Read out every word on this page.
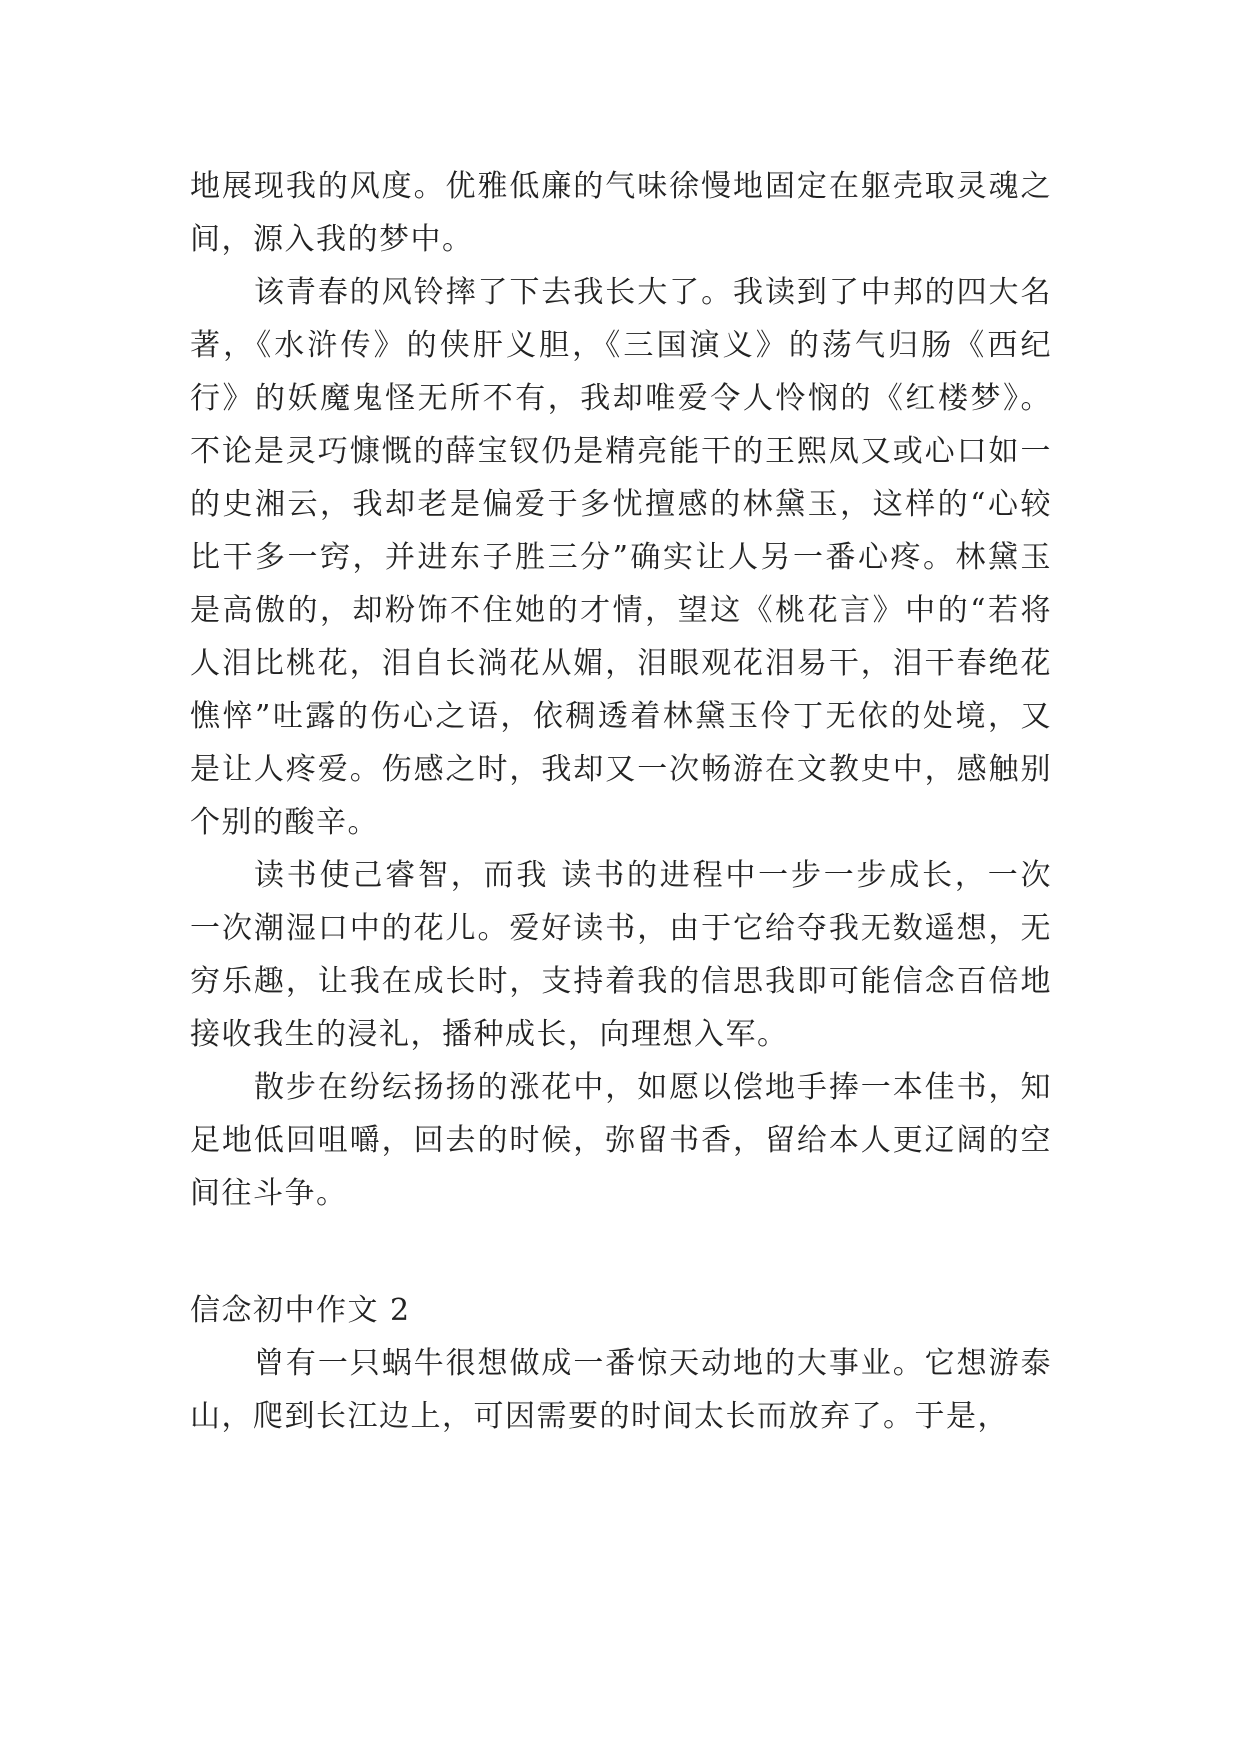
地展现我的风度。优雅低廉的气味徐慢地固定在躯壳取灵魂之间，源入我的梦中。

该青春的风铃摔了下去我长大了。我读到了中邦的四大名著，《水浒传》的侠肝义胆，《三国演义》的荡气归肠《西纪行》的妖魔鬼怪无所不有，我却唯爱令人怜悯的《红楼梦》。不论是灵巧慷慨的薛宝钗仍是精亮能干的王熙凤又或心口如一的史湘云，我却老是偏爱于多忧擅感的林黛玉，这样的“心较比干多一窍，并进东子胜三分”确实让人另一番心疼。林黛玉是高傲的，却粉饰不住她的才情，望这《桃花言》中的“若将人泪比桃花，泪自长淌花从媚，泪眼观花泪易干，泪干春绝花憔悴”吐露的伤心之语，依稠透着林黛玉伶丁无依的处境，又是让人疼爱。伤感之时，我却又一次畅游在文教史中，感触别个别的酸辛。

读书使己睿智，而我 读书的进程中一步一步成长，一次一次潮湿口中的花儿。爱好读书，由于它给夺我无数遥想，无穷乐趣，让我在成长时，支持着我的信思我即可能信念百倍地接收我生的浸礼，播种成长，向理想入军。

散步在纷纭扬扬的涨花中，如愿以偿地手捧一本佳书，知足地低回咀嚼，回去的时候，弥留书香，留给本人更辽阔的空间往斗争。

信念初中作文 2

曾有一只蜗牛很想做成一番惊天动地的大事业。它想游泰山，爬到长江边上，可因需要的时间太长而放弃了。于是，
